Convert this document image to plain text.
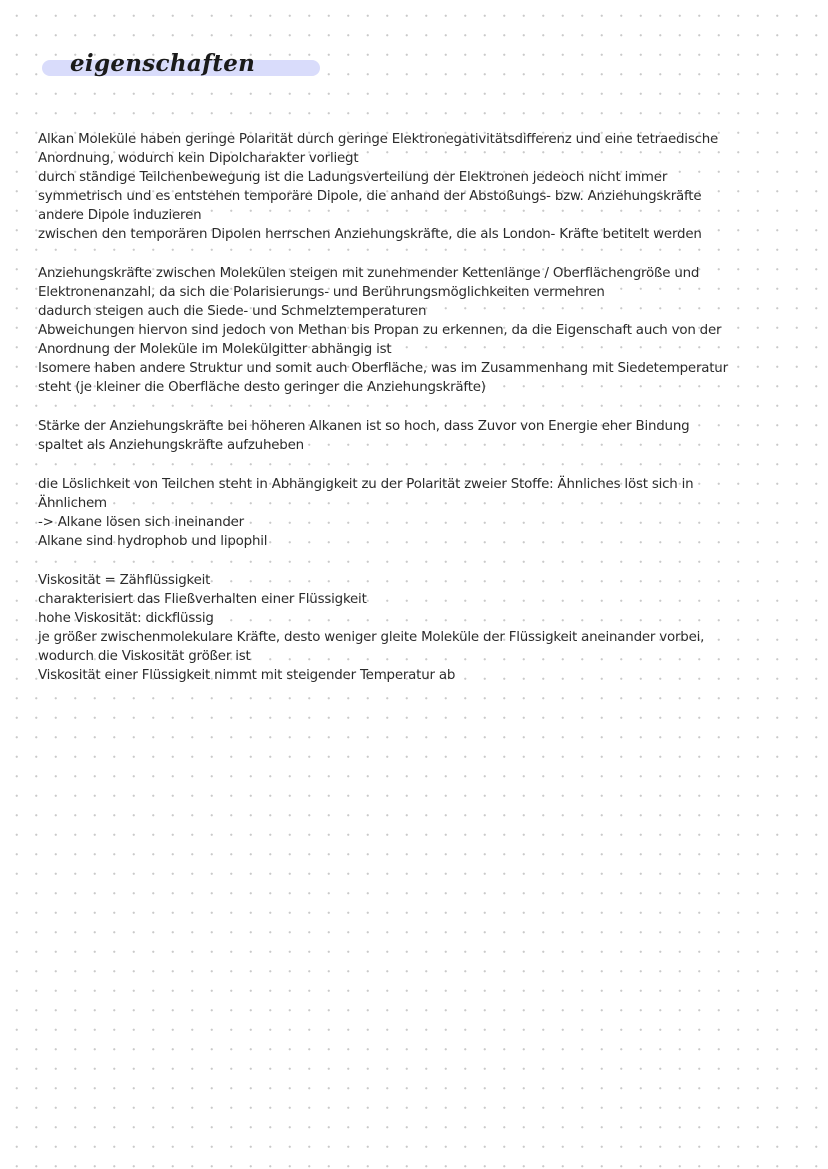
eigenschaften
Alkan Moleküle haben geringe Polarität durch geringe Elektronegativitätsdifferenz und eine tetraedische
Anordnung, wodurch kein Dipolcharakter vorliegt
durch ständige Teilchenbewegung ist die Ladungsverteilung der Elektronen jedeoch nicht immer
symmetrisch und es entstehen temporäre Dipole, die anhand der Abstoßungs- bzw. Anziehungskräfte
andere Dipole induzieren
zwischen den temporären Dipolen herrschen Anziehungskräfte, die als London- Kräfte betitelt werden
Anziehungskräfte zwischen Molekülen steigen mit zunehmender Kettenlänge / Oberflächengröße und
Elektronenanzahl, da sich die Polarisierungs- und Berührungsmöglichkeiten vermehren
dadurch steigen auch die Siede- und Schmelztemperaturen
Abweichungen hiervon sind jedoch von Methan bis Propan zu erkennen, da die Eigenschaft auch von der
Anordnung der Moleküle im Molekülgitter abhängig ist
Isomere haben andere Struktur und somit auch Oberfläche, was im Zusammenhang mit Siedetemperatur
steht (je kleiner die Oberfläche desto geringer die Anziehungskräfte)
Stärke der Anziehungskräfte bei höheren Alkanen ist so hoch, dass Zuvor von Energie eher Bindung
spaltet als Anziehungskräfte aufzuheben
die Löslichkeit von Teilchen steht in Abhängigkeit zu der Polarität zweier Stoffe: Ähnliches löst sich in
Ähnlichem
-> Alkane lösen sich ineinander
Alkane sind hydrophob und lipophil
Viskosität = Zähflüssigkeit
charakterisiert das Fließverhalten einer Flüssigkeit
hohe Viskosität: dickflüssig
je größer zwischenmolekulare Kräfte, desto weniger gleite Moleküle der Flüssigkeit aneinander vorbei,
wodurch die Viskosität größer ist
Viskosität einer Flüssigkeit nimmt mit steigender Temperatur ab
